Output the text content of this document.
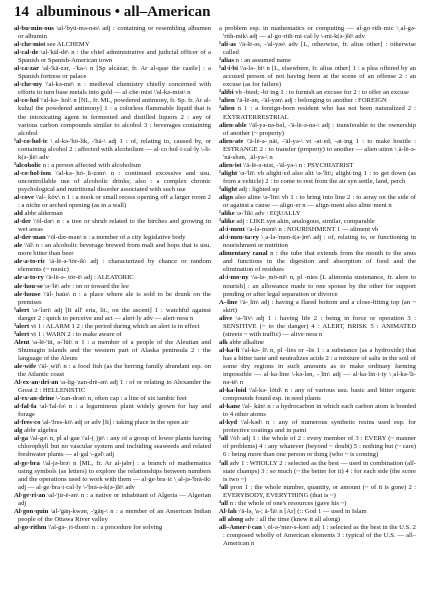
14 albuminous • all–American

al·bu·min·ous \al-'byü-mə-nəs\ adj : containing or resembling albumen or albumin

al·che·mist see ALCHEMY

al·cal·de \al-'käl-dē\ n : the chief administrative and judicial officer of a Spanish or Spanish-American town

al·ca·zar \al-'kä-zər, -'ka-\ n [Sp alcázar, fr. Ar al-qaṣr the castle] : a Spanish fortress or palace

al·che·my \'al-kə-mē\ n : medieval chemistry chiefly concerned with efforts to turn base metals into gold — al·che·mist \'al-kə-mist\ n

al·co·hol \'al-kə-ˌhol\ n [NL, fr. ML, powdered antimony, fr. Sp. fr. Ar al-kuḥul the powdered antimony] 1 : a colorless flammable liquid that is the intoxicating agent in fermented and distilled liquors 2 : any of various carbon compounds similar to alcohol 3 : beverages containing alcohol

¹al·co·hol·ic \ˌal-kə-'hō-lik, -'hä-\ adj 1 : of, relating to, caused by, or containing alcohol 2 : affected with alcoholism — al·co·hol·i·cal·ly \-li-k(ə-)lē\ adv

²alcoholic n : a person affected with alcoholism

al·co·hol·ism \'al-kə-ˌhȯ-ˌli-zəm\ n : continued excessive and usu. uncontrollable use of alcoholic drinks; also : a complex chronic psychological and nutritional disorder associated with such use

al·cove \'al-ˌkōv\ n 1 : a nook or small recess opening off a larger room 2 : a niche or arched opening (as in a wall)

ald abbr alderman

al·der \'ȯl-dər\ n : a tree or shrub related to the birches and growing in wet areas

al·der·man \'ȯl-dər-mən\ n : a member of a city legislative body

ale \'āl\ n : an alcoholic beverage brewed from malt and hops that is usu. more bitter than beer

ale·a·to·ric \ā-lē-ə-'tȯr-ik\ adj : characterized by chance or random elements (~ music)

ale·a·to·ry \'ā-lē-ə-ˌtōr-ē\ adj : ALEATORIC

ale·hou·se \ə-'lē\ adv : on or toward the lee

ale·house \'āl-ˌhau̇s\ n : a place where ale is sold to be drunk on the premises

¹alert \ə-'lərt\ adj [It all' erta, lit., on the ascent] 1 : watchful against danger 2 : quick to perceive and act — alert·ly adv — alert·ness n

²alert vt 1 : ALARM 1 2 : the period during which an alert is in effect

³alert vt 1 : WARN 2 : to make aware of

Aleut \a-lē-'üt, ə-'lüt\ n 1 : a member of a people of the Aleutian and Shumagin islands and the western part of Alaska peninsula 2 : the language of the Aleuts

ale·wife \'āl-ˌwīf\ n : a food fish (as the herring family abundant esp. on the Atlantic coast

Al·ex·an·dri·an \a-lig-'zan-drē-ən\ adj 1 : of or relating to Alexander the Great 2 : HELLENISTIC

al·ex·an·drine \-'zan-drən\ n, often cap : a line of six iambic feet

al·fal·fa \al-'fal-fə\ n : a leguminous plant widely grown for hay and forage

al·fres·co \al-'fres-kō\ adj or adv [It] : taking place in the open air

alg abbr algebra

al·ga \'al-gə\ n, pl al·gae \'al-(ˌ)jē\ : any of a group of lower plants having chlorophyll but no vascular system and including seaweeds and related freshwater plants — al·gal \-gəl\ adj

al·ge·bra \'al-jə-brə\ n [ML, fr. Ar al-jabr] : a branch of mathematics using symbols (as letters) to explore the relationships between numbers and the operations used to work with them — al·ge·bra·ic \ˌal-jə-'brā-ik\ adj — al·ge·bra·i·cal·ly \-'brā-ə-k(ə-)lē\ adv

Al·ge·ri·an \al-'jir-ē-ən\ n : a native or inhabitant of Algeria — Algerian adj

Al·gon·quin \al-'gäŋ-kwən, -'gäŋ-\ n : a member of an American Indian people of the Ottawa River valley

al·go·rithm \'al-gə-ˌri-thəm\ n : a procedure for solving

a problem esp. in mathematics or computing — al·go·rith·mic \ˌal-gə-'rith-mik\ adj — al·go·rith·mi·cal·ly \-mi-k(ə-)lē\ adv

¹ali·as \'ā-lē-əs, -'al-yəs\ adv [L, otherwise, fr. alius other] : otherwise called

²alias n : an assumed name

¹al·i·bi \'a-lə-ˌbī\ n [L, elsewhere, fr. alius other] 1 : a plea offered by an accused person of not having been at the scene of an offense 2 : an excuse (as for failure)

²alibi vb -bied; -bi·ing 1 : to furnish an excuse for 2 : to offer an excuse

¹alien \'ā-lē-ən, -'āl-yən\ adj : belonging to another : FOREIGN

²alien n 1 : a foreign-born resident who has not been naturalized 2 : EXTRATERRESTRIAL

alien·able \'āl-yə-nə-bəl, -'ā-lē-ə-nə-\ adj : transferable to the ownership of another (~ property)

alien·ate \'ā-lē-ə-ˌnāt, -'āl-yə-\ vt -at·ed; -at·ing 1 : to make hostile : ESTRANGE 2 : to transfer (property) to another — alien·ation \ˌā-lē-ə-'nā-shən, ˌāl-yə-\ n

alien·ist \'ā-lē-ə-nist, -'āl-yə-\ n : PSYCHIATRIST

¹alight \ə-'līt\ vb alight·ed also alit \ə-'lit\; alight·ing 1 : to get down (as from a vehicle) 2 : to come to rest from the air syn settle, land, perch

²alight adj : lighted up

align also aline \ə-'līn\ vb 1 : to bring into line 2 : to array on the side of or against a cause — align·er n — align·ment also aline·ment n

¹alike \ə-'līk\ adv : EQUALLY

²alike adj : LIKE syn akin, analogous, similar, comparable

al·i·ment \'a-lə-mənt\ n : NOURISHMENT 1 — aliment vb

al·i·men·ta·ry \ˌa-lə-'men-t(ə-)rē\ adj : of, relating to, or functioning in nourishment or nutrition

alimentary canal n : the tube that extends from the mouth to the anus and functions in the digestion and absorption of food and the elimination of residues

al·i·mo·ny \'a-lə-ˌmō-nē\ n, pl -nies [L alimonia sustenance, fr. alere to nourish] : an allowance made to one spouse by the other for support pending or after legal separation or divorce

A–line \'ā-ˌlīn\ adj : having a flared bottom and a close-fitting top (an ~ skirt)

alive \ə-'līv\ adj 1 : having life 2 : being in force or operation 3 : SENSITIVE (~ to the danger) 4 : ALERT, BRISK 5 : ANIMATED (streets ~ with traffic) — alive·ness n

alk abbr alkaline

al·ka·li \'al-kə-ˌlī\ n, pl -lies or -lis 1 : a substance (as a hydroxide) that has a bitter taste and neutralizes acids 2 : a mixture of salts in the soil of some dry regions in such amounts as to make ordinary farming impossible — al·ka·line \-kə-lən, -ˌlīn\ adj — al·ka·lin·i·ty \ˌal-kə-'li-nə-tē\ n

al·ka·loid \'al-kə-ˌlȯid\ n : any of various usu. basic and bitter organic compounds found esp. in seed plants

al·kane \'al-ˌkān\ n : a hydrocarbon in which each carbon atom is bonded to 4 other atoms

al·kyd \'al-kəd\ n : any of numerous synthetic resins used esp. for protective coatings and in paint

¹all \'ȯl\ adj 1 : the whole of 2 : every member of 3 : EVERY (~ manner of problems) 4 : any whatever (beyond ~ doubt) 5 : nothing but (~ care) 6 : being more than one person or thing (who ~ is coming)

²all adv 1 : WHOLLY 2 : selected as the best — used in combination (all-state champs) 3 : so much (~ the better for it) 4 : for each side (the score is two ~)

³all pron 1 : the whole number, quantity, or amount (~ of it is gone) 2 : EVERYBODY, EVERYTHING (that is ~)

⁴all n : the whole of one's resources (gave his ~)

Al·lah \'ä-lə, 'a-; ä-'lä\ n [Ar] (:: God 1 — used in Islam

all along adv : all the time (knew it all along)

all–Amer·i·can \ˌȯl-ə-'mer-ə-kən\ adj 1 : selected as the best in the U.S. 2 : composed wholly of American elements 3 : typical of the U.S. — all–American n
